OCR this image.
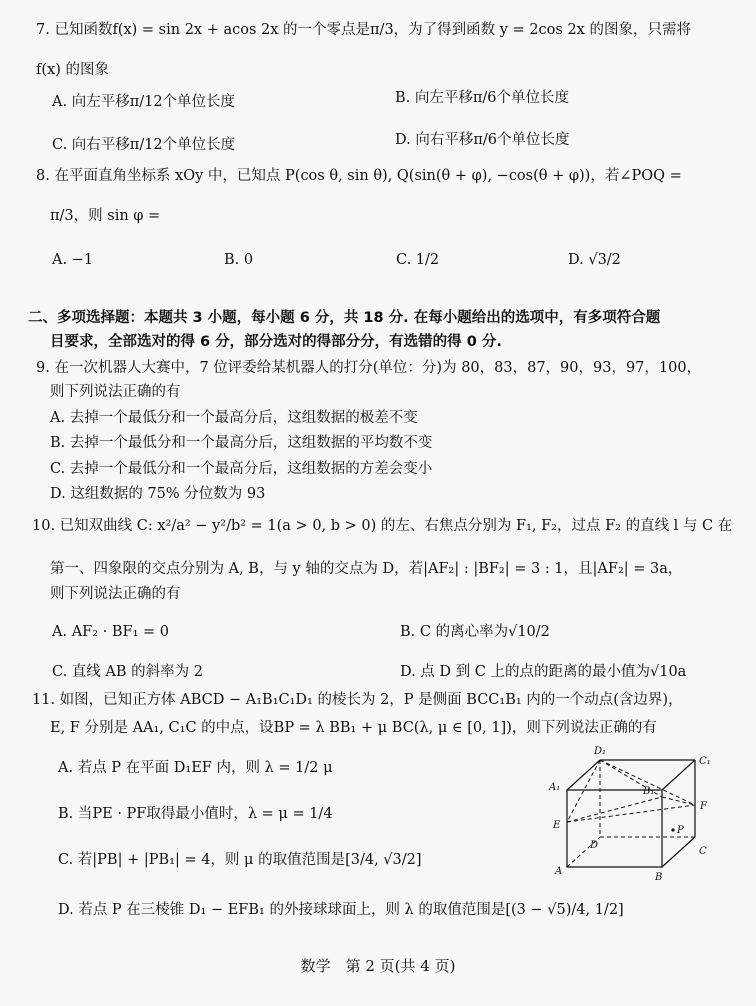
7. 已知函数f(x) = sin 2x + acos 2x 的一个零点是π/3，为了得到函数 y = 2cos 2x 的图象，只需将
f(x) 的图象
A. 向左平移π/12个单位长度	B. 向左平移π/6个单位长度
C. 向右平移π/12个单位长度	D. 向右平移π/6个单位长度
8. 在平面直角坐标系 xOy 中，已知点 P(cos θ, sin θ), Q(sin(θ + φ), −cos(θ + φ))，若∠POQ =
π/3，则 sin φ =
A. −1	B. 0	C. 1/2	D. √3/2
二、多项选择题：本题共 3 小题，每小题 6 分，共 18 分. 在每小题给出的选项中，有多项符合题
目要求，全部选对的得 6 分，部分选对的得部分分，有选错的得 0 分.
9. 在一次机器人大赛中，7 位评委给某机器人的打分(单位：分)为 80，83，87，90，93，97，100，
则下列说法正确的有
A. 去掉一个最低分和一个最高分后，这组数据的极差不变
B. 去掉一个最低分和一个最高分后，这组数据的平均数不变
C. 去掉一个最低分和一个最高分后，这组数据的方差会变小
D. 这组数据的 75% 分位数为 93
10. 已知双曲线 C: x²/a² − y²/b² = 1(a > 0, b > 0) 的左、右焦点分别为 F₁, F₂，过点 F₂ 的直线 l 与 C 在
第一、四象限的交点分别为 A, B，与 y 轴的交点为 D，若|AF₂| : |BF₂| = 3 : 1，且|AF₂| = 3a，
则下列说法正确的有
A. AF₂ · BF₁ = 0	B. C 的离心率为√10/2
C. 直线 AB 的斜率为 2	D. 点 D 到 C 上的点的距离的最小值为√10a
11. 如图，已知正方体 ABCD − A₁B₁C₁D₁ 的棱长为 2，P 是侧面 BCC₁B₁ 内的一个动点(含边界)，
E, F 分别是 AA₁, C₁C 的中点，设BP = λ BB₁ + μ BC(λ, μ ∈ [0, 1])，则下列说法正确的有
A. 若点 P 在平面 D₁EF 内，则 λ = 1/2 μ
B. 当PE · PF取得最小值时，λ = μ = 1/4
C. 若|PB| + |PB₁| = 4，则 μ 的取值范围是[3/4, √3/2]
D. 若点 P 在三棱锥 D₁ − EFB₁ 的外接球球面上，则 λ 的取值范围是[(3 − √5)/4, 1/2]
D₁
C₁
A₁	B₁
E
F
P
D
C
A
B
数学　第 2 页(共 4 页)
